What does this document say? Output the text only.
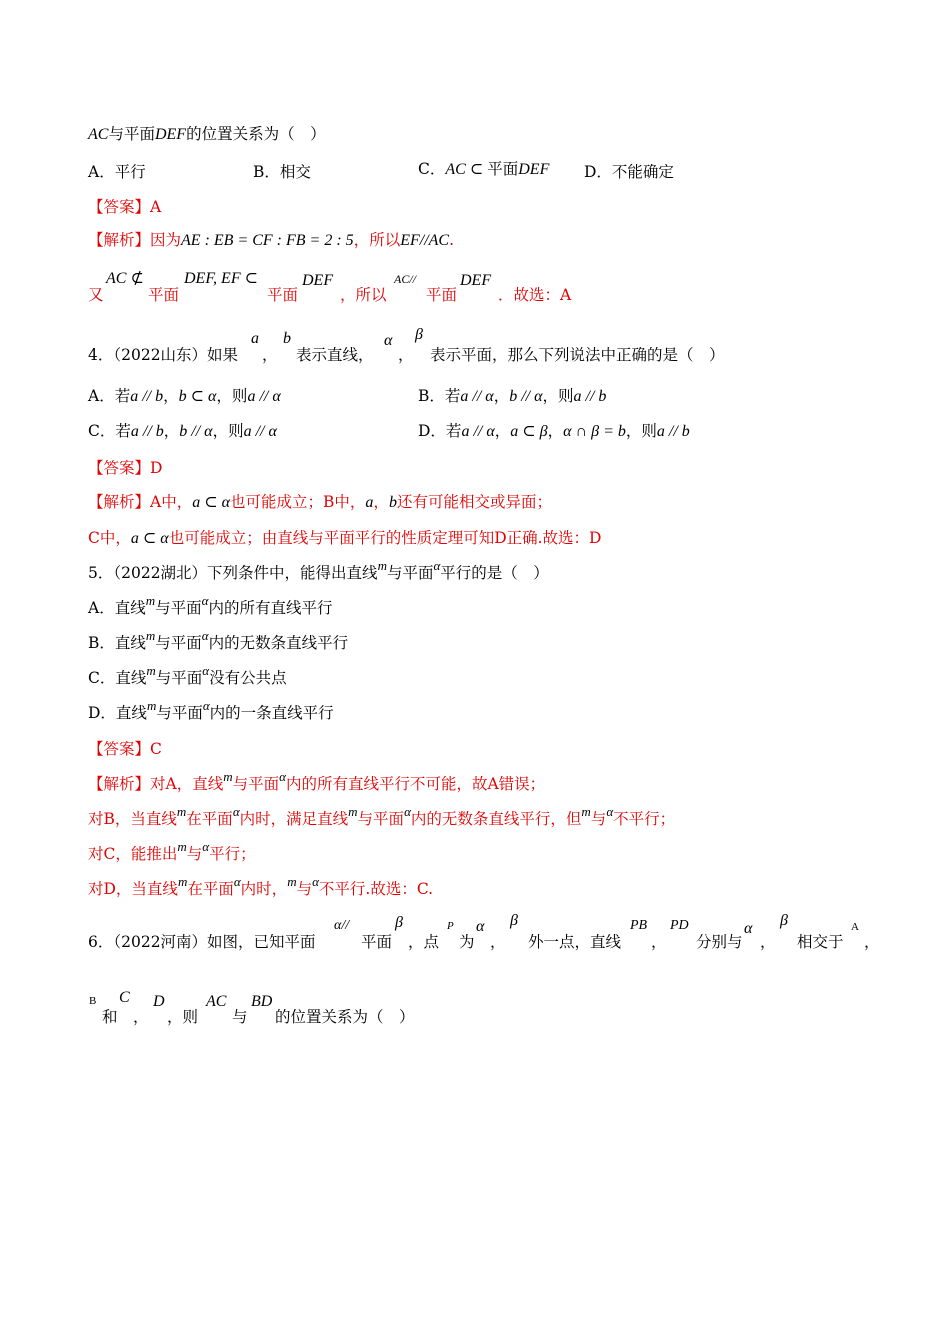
AC与平面DEF的位置关系为（　）
A．平行	B．相交	C．AC ⊂ 平面DEF D．不能确定
【答案】A
【解析】因为AE : EB = CF : FB = 2 : 5，所以EF//AC.
又
AC ⊄
平面
DEF, EF ⊂
平面
DEF
，所以
AC//
平面
DEF
．故选：A
4．（2022山东）如果
a
，
b
表示直线，
α
，
β
表示平面，那么下列说法中正确的是（　）
A．若a // b，b ⊂ α，则a // α	B．若a // α，b // α，则a // b
C．若a // b，b // α，则a // α	D．若a // α，a ⊂ β，α ∩ β = b，则a // b
【答案】D
【解析】A中，a ⊂ α也可能成立；B中，a，b还有可能相交或异面；
C中，a ⊂ α也可能成立；由直线与平面平行的性质定理可知D正确.故选：D
5．（2022湖北）下列条件中，能得出直线$^m$与平面$^\alpha$平行的是（　）
A．直线$^m$与平面$^\alpha$内的所有直线平行
B．直线$^m$与平面$^\alpha$内的无数条直线平行
C．直线$^m$与平面$^\alpha$没有公共点
D．直线$^m$与平面$^\alpha$内的一条直线平行
【答案】C
【解析】对A，直线$^m$与平面$^\alpha$内的所有直线平行不可能，故A错误；
对B，当直线$^m$在平面$^\alpha$内时，满足直线$^m$与平面$^\alpha$内的无数条直线平行，但$^m$与$^\alpha$不平行；
对C，能推出$^m$与$^\alpha$平行；
对D，当直线$^m$在平面$^\alpha$内时，$^m$与$^\alpha$不平行.故选：C.
6．（2022河南）如图，已知平面
α//
平面
β
，点
P
为
α
，
β
外一点，直线
PB
，
PD
分别与
α
，
β
相交于
A
，
B
和
C
，
D
，则
AC
与
BD
的位置关系为（　）
